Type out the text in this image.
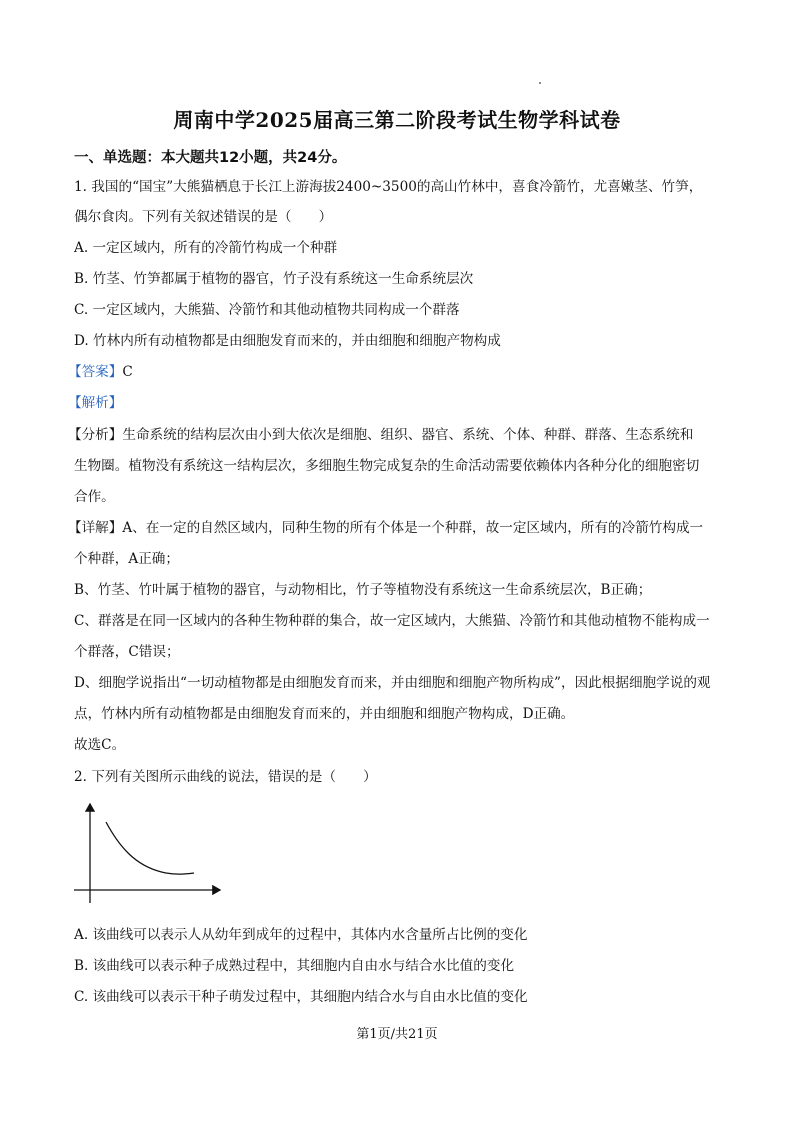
周南中学2025届高三第二阶段考试生物学科试卷
一、单选题：本大题共12小题，共24分。
1. 我国的“国宝”大熊猫栖息于长江上游海拔2400~3500的高山竹林中，喜食冷箭竹，尤喜嫩茎、竹笋，
偶尔食肉。下列有关叙述错误的是（　　）
A. 一定区域内，所有的冷箭竹构成一个种群
B. 竹茎、竹笋都属于植物的器官，竹子没有系统这一生命系统层次
C. 一定区域内，大熊猫、冷箭竹和其他动植物共同构成一个群落
D. 竹林内所有动植物都是由细胞发育而来的，并由细胞和细胞产物构成
【答案】C
【解析】
【分析】生命系统的结构层次由小到大依次是细胞、组织、器官、系统、个体、种群、群落、生态系统和
生物圈。植物没有系统这一结构层次，多细胞生物完成复杂的生命活动需要依赖体内各种分化的细胞密切
合作。
【详解】A、在一定的自然区域内，同种生物的所有个体是一个种群，故一定区域内，所有的冷箭竹构成一
个种群，A正确；
B、竹茎、竹叶属于植物的器官，与动物相比，竹子等植物没有系统这一生命系统层次，B正确；
C、群落是在同一区域内的各种生物种群的集合，故一定区域内，大熊猫、冷箭竹和其他动植物不能构成一
个群落，C错误；
D、细胞学说指出“一切动植物都是由细胞发育而来，并由细胞和细胞产物所构成”，因此根据细胞学说的观
点，竹林内所有动植物都是由细胞发育而来的，并由细胞和细胞产物构成，D正确。
故选C。
2. 下列有关图所示曲线的说法，错误的是（　　）
A. 该曲线可以表示人从幼年到成年的过程中，其体内水含量所占比例的变化
B. 该曲线可以表示种子成熟过程中，其细胞内自由水与结合水比值的变化
C. 该曲线可以表示干种子萌发过程中，其细胞内结合水与自由水比值的变化
第1页/共21页
